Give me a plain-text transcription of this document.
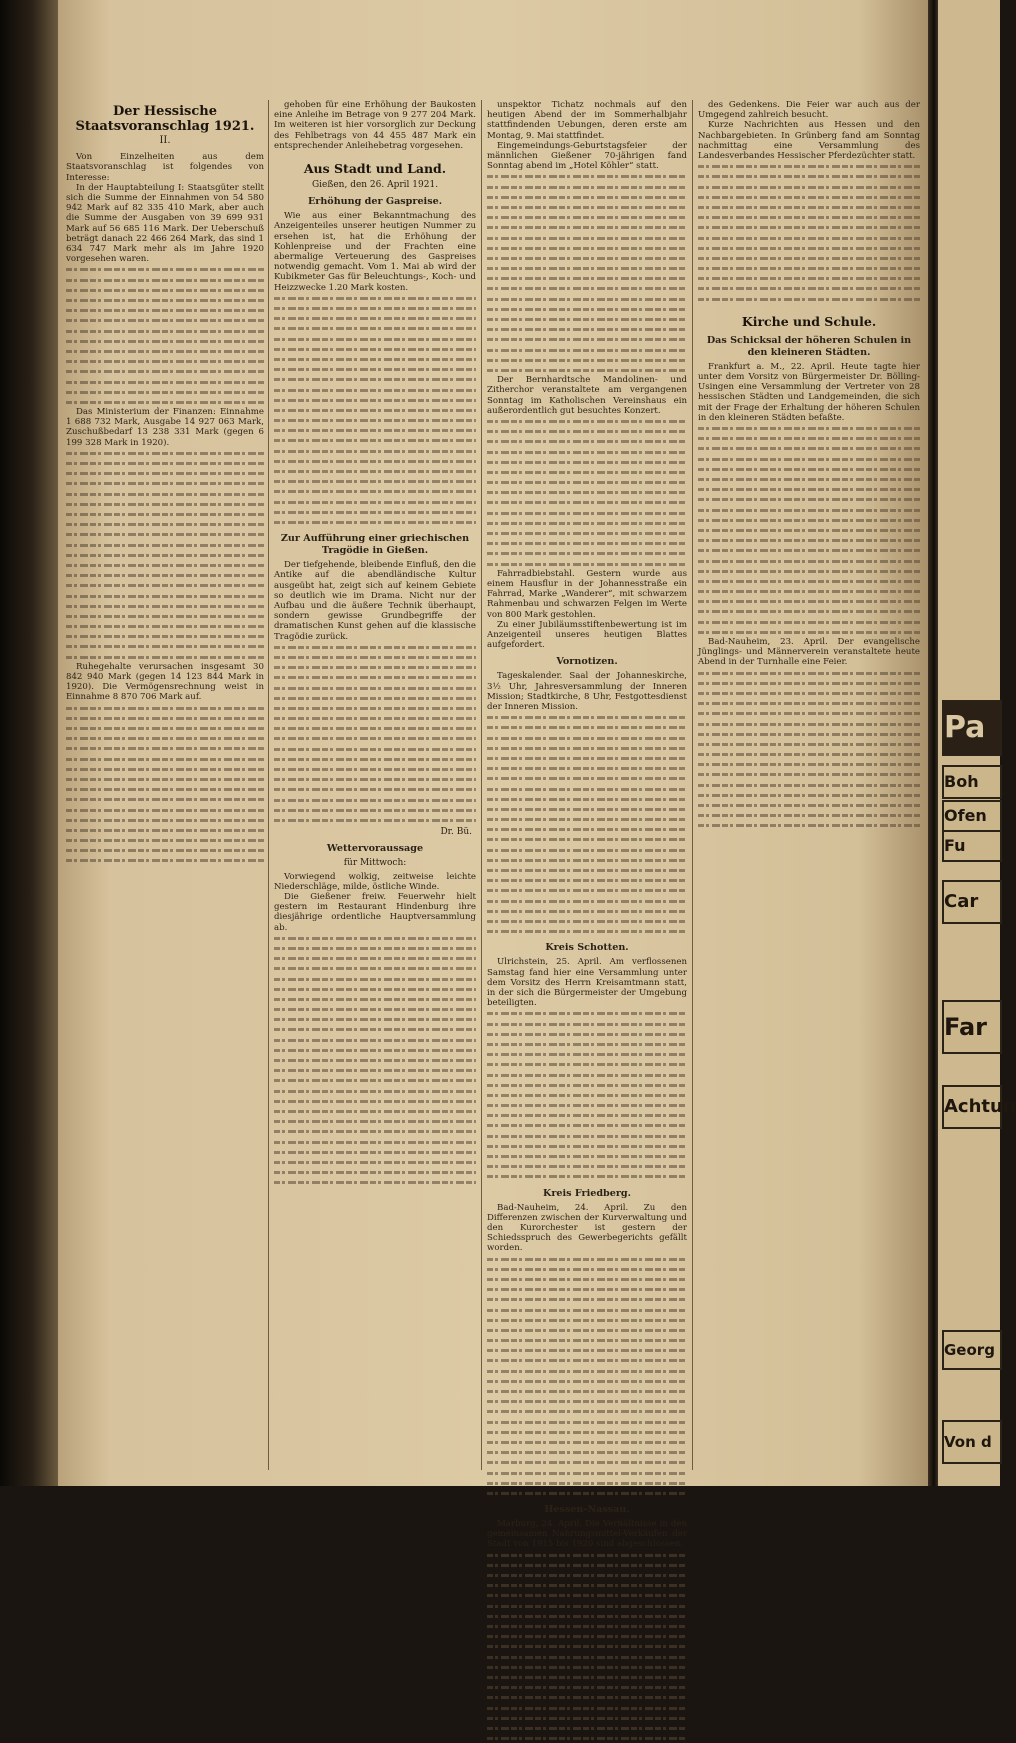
Der Hessische Staatsvoranschlag 1921.
II.

Von Einzelheiten aus dem Staatsvoranschlag ist folgendes von Interesse:

In der Hauptabteilung I: Staatsgüter stellt sich die Summe der Einnahmen von 54 580 942 Mark auf 82 335 410 Mark, aber auch die Summe der Ausgaben von 39 699 931 Mark auf 56 685 116 Mark. Der Ueberschuß beträgt danach 22 466 264 Mark, das sind 1 634 747 Mark mehr als im Jahre 1920 vorgesehen waren.

Das Ministerium der Finanzen: Einnahme 1 688 732 Mark, Ausgabe 14 927 063 Mark, Zuschußbedarf 13 238 331 Mark (gegen 6 199 328 Mark in 1920).

Ruhegehalte verursachen insgesamt 30 842 940 Mark (gegen 14 123 844 Mark in 1920). Die Vermögensrechnung weist in Einnahme 8 870 706 Mark auf.

gehoben für eine Erhöhung der Baukosten eine Anleihe im Betrage von 9 277 204 Mark. Im weiteren ist hier vorsorglich zur Deckung des Fehlbetrags von 44 455 487 Mark ein entsprechender Anleihebetrag vorgesehen.

Aus Stadt und Land.
Gießen, den 26. April 1921.
Erhöhung der Gaspreise.

Wie aus einer Bekanntmachung des Anzeigenteiles unserer heutigen Nummer zu ersehen ist, hat die Erhöhung der Kohlenpreise und der Frachten eine abermalige Verteuerung des Gaspreises notwendig gemacht. Vom 1. Mai ab wird der Kubikmeter Gas für Beleuchtungs-, Koch- und Heizzwecke 1.20 Mark kosten.

Zur Aufführung einer griechischen Tragödie in Gießen.

Der tiefgehende, bleibende Einfluß, den die Antike auf die abendländische Kultur ausgeübt hat, zeigt sich auf keinem Gebiete so deutlich wie im Drama. Nicht nur der Aufbau und die äußere Technik überhaupt, sondern gewisse Grundbegriffe der dramatischen Kunst gehen auf die klassische Tragödie zurück.

Dr. Bü.
Wettervoraussage
für Mittwoch:

Vorwiegend wolkig, zeitweise leichte Niederschläge, milde, östliche Winde.

Die Gießener freiw. Feuerwehr hielt gestern im Restaurant Hindenburg ihre diesjährige ordentliche Hauptversammlung ab.

unspektor Tichatz nochmals auf den heutigen Abend der im Sommerhalbjahr stattfindenden Uebungen, deren erste am Montag, 9. Mai stattfindet.

Eingemeindungs-Geburtstagsfeier der männlichen Gießener 70-jährigen fand Sonntag abend im „Hotel Köhler“ statt.

Der Bernhardtsche Mandolinen- und Zitherchor veranstaltete am vergangenen Sonntag im Katholischen Vereinshaus ein außerordentlich gut besuchtes Konzert.

Fahrradbiebstahl. Gestern wurde aus einem Hausflur in der Johannesstraße ein Fahrrad, Marke „Wanderer“, mit schwarzem Rahmenbau und schwarzen Felgen im Werte von 800 Mark gestohlen.

Zu einer Jubiläumsstiftenbewertung ist im Anzeigenteil unseres heutigen Blattes aufgefordert.

Vornotizen.

Tageskalender. Saal der Johanneskirche, 3½ Uhr, Jahresversammlung der Inneren Mission; Stadtkirche, 8 Uhr, Festgottesdienst der Inneren Mission.

Kreis Schotten.

Ulrichstein, 25. April. Am verflossenen Samstag fand hier eine Versammlung unter dem Vorsitz des Herrn Kreisamtmann statt, in der sich die Bürgermeister der Umgebung beteiligten.

Kreis Friedberg.

Bad-Nauheim, 24. April. Zu den Differenzen zwischen der Kurverwaltung und den Kurorchester ist gestern der Schiedsspruch des Gewerbegerichts gefällt worden.

Hessen-Nassau.

Marburg, 24. April. Die Verhältnisse in den gemeinsamen Nahrungsmittel-Verkäufen der Stadt von 1915 bis 1920 sind abgeschlossen.

des Gedenkens. Die Feier war auch aus der Umgegend zahlreich besucht.

Kurze Nachrichten aus Hessen und den Nachbargebieten. In Grünberg fand am Sonntag nachmittag eine Versammlung des Landesverbandes Hessischer Pferdezüchter statt.

Kirche und Schule.
Das Schicksal der höheren Schulen in den kleineren Städten.

Frankfurt a. M., 22. April. Heute tagte hier unter dem Vorsitz von Bürgermeister Dr. Bölling-Usingen eine Versammlung der Vertreter von 28 hessischen Städten und Landgemeinden, die sich mit der Frage der Erhaltung der höheren Schulen in den kleineren Städten befaßte.

Bad-Nauheim, 23. April. Der evangelische Jünglings- und Männerverein veranstaltete heute Abend in der Turnhalle eine Feier.

Pa
Boh
Ofen
Fu
Car
Far
Achtun
Georg
Von d
